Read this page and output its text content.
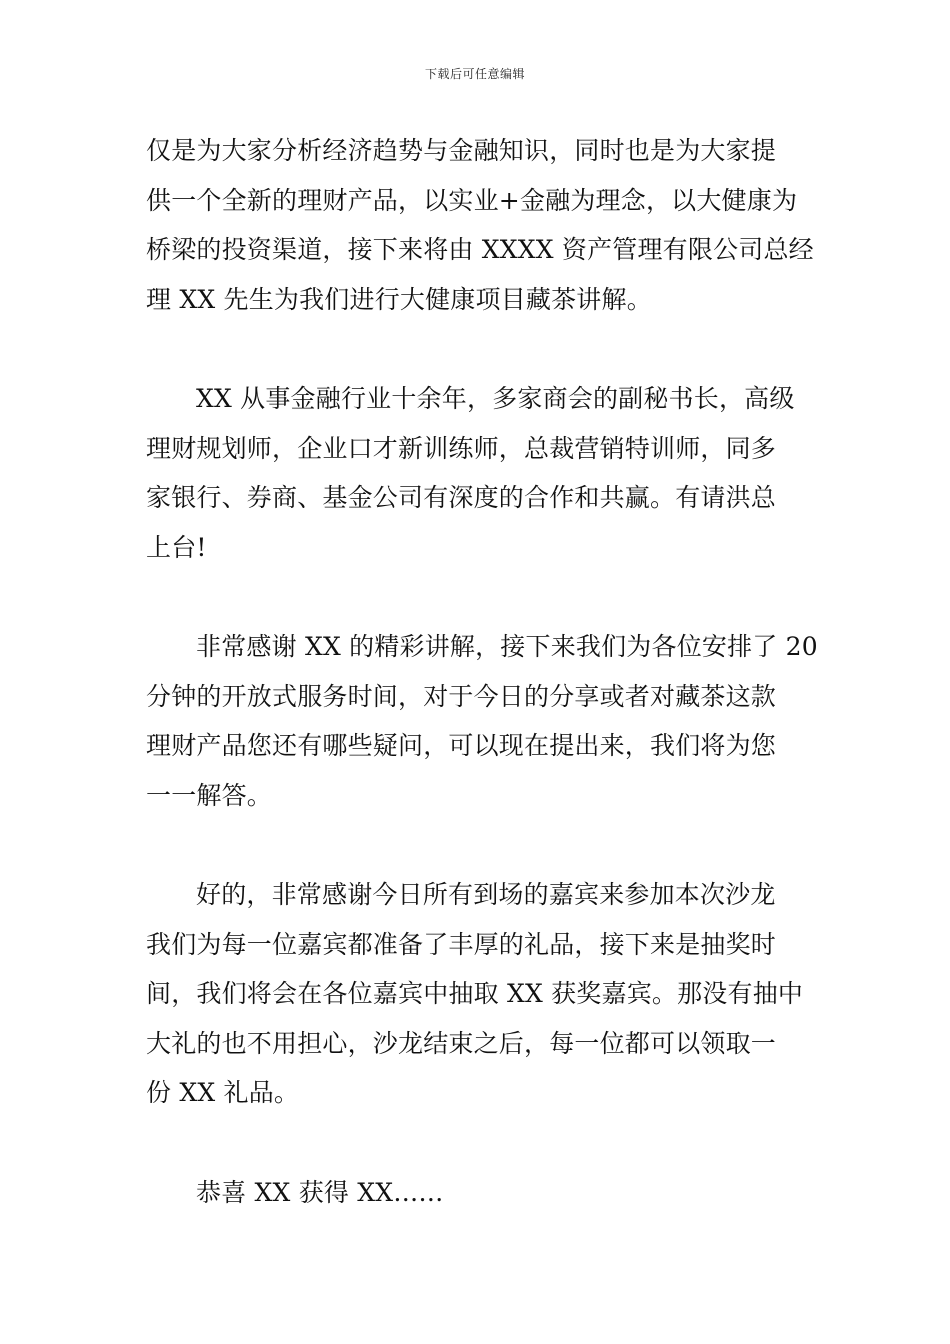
下载后可任意编辑
仅是为大家分析经济趋势与金融知识，同时也是为大家提
供一个全新的理财产品，以实业+金融为理念，以大健康为
桥梁的投资渠道，接下来将由 XXXX 资产管理有限公司总经
理 XX 先生为我们进行大健康项目藏茶讲解。
XX 从事金融行业十余年，多家商会的副秘书长，高级
理财规划师，企业口才新训练师，总裁营销特训师，同多
家银行、券商、基金公司有深度的合作和共赢。有请洪总
上台!
非常感谢 XX 的精彩讲解，接下来我们为各位安排了 20
分钟的开放式服务时间，对于今日的分享或者对藏茶这款
理财产品您还有哪些疑问，可以现在提出来，我们将为您
一一解答。
好的，非常感谢今日所有到场的嘉宾来参加本次沙龙
我们为每一位嘉宾都准备了丰厚的礼品，接下来是抽奖时
间，我们将会在各位嘉宾中抽取 XX 获奖嘉宾。那没有抽中
大礼的也不用担心，沙龙结束之后，每一位都可以领取一
份 XX 礼品。
恭喜 XX 获得 XX……
